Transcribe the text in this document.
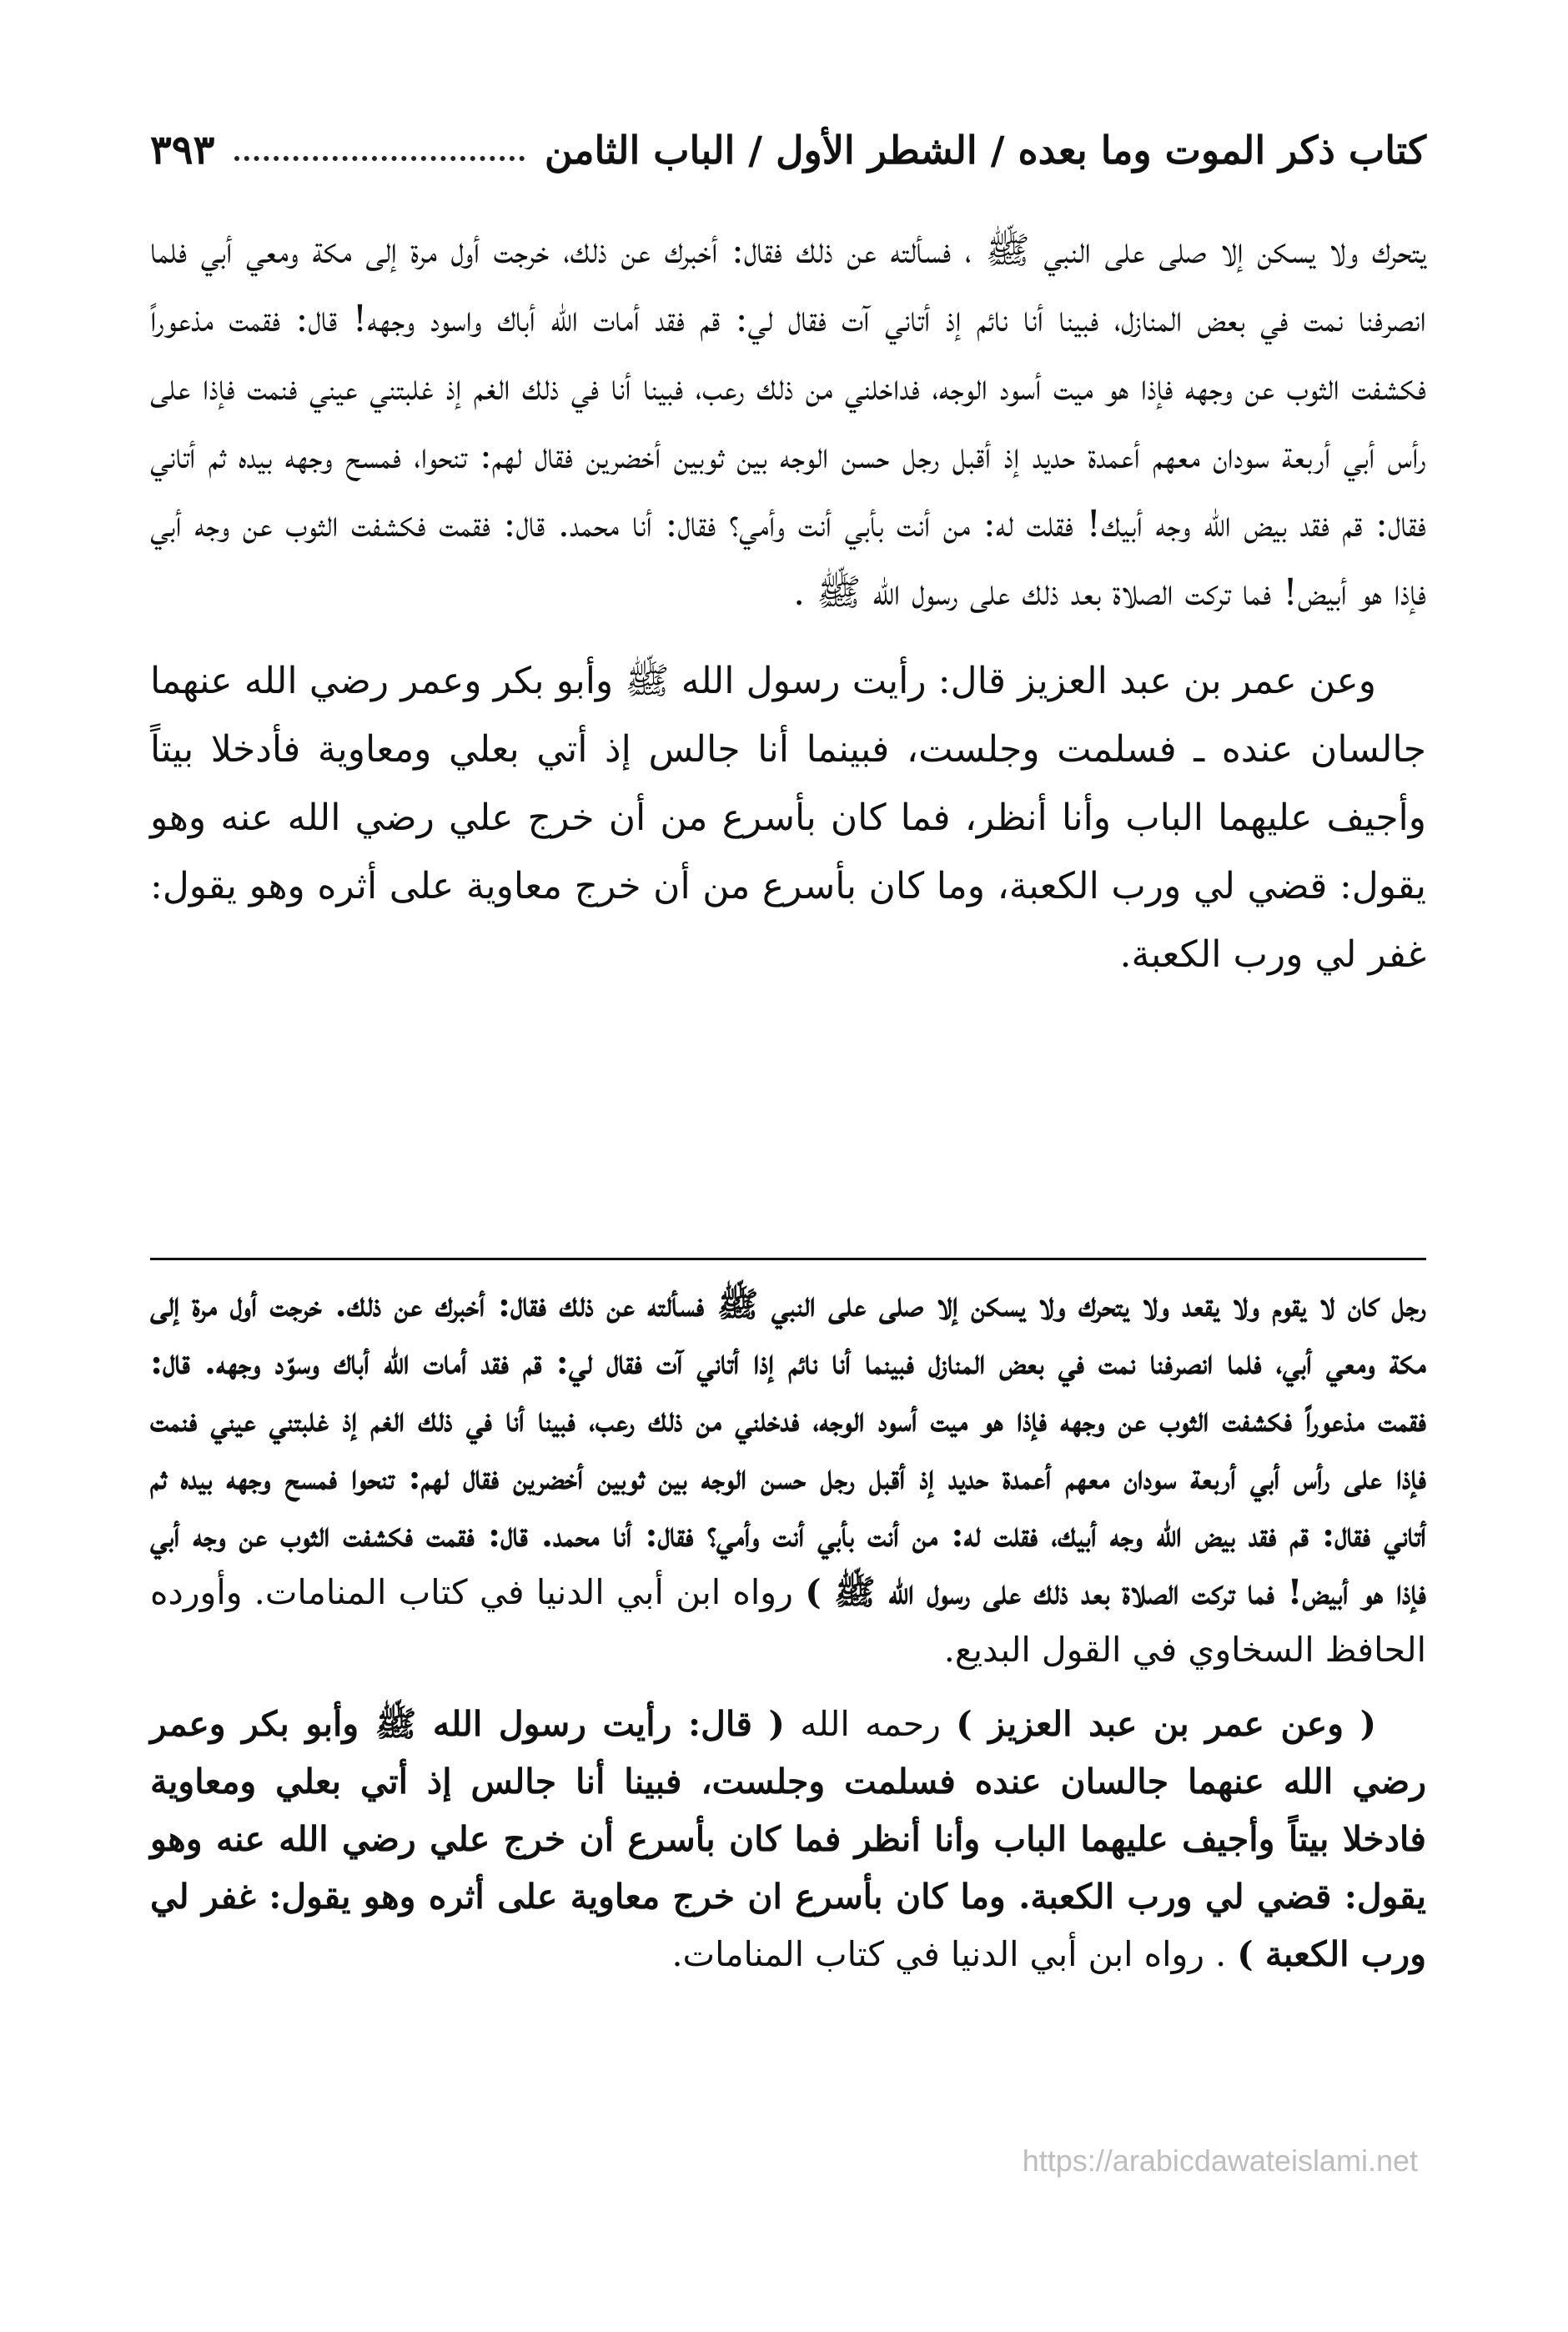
كتاب ذكر الموت وما بعده / الشطر الأول / الباب الثامن
٣٩٣

يتحرك ولا يسكن إلا صلى على النبي ﷺ ، فسألته عن ذلك فقال: أخبرك عن ذلك، خرجت أول مرة إلى مكة ومعي أبي فلما انصرفنا نمت في بعض المنازل، فبينا أنا نائم إذ أتاني آت فقال لي: قم فقد أمات الله أباك واسود وجهه! قال: فقمت مذعوراً فكشفت الثوب عن وجهه فإذا هو ميت أسود الوجه، فداخلني من ذلك رعب، فبينا أنا في ذلك الغم إذ غلبتني عيني فنمت فإذا على رأس أبي أربعة سودان معهم أعمدة حديد إذ أقبل رجل حسن الوجه بين ثوبين أخضرين فقال لهم: تنحوا، فمسح وجهه بيده ثم أتاني فقال: قم فقد بيض الله وجه أبيك! فقلت له: من أنت بأبي أنت وأمي؟ فقال: أنا محمد. قال: فقمت فكشفت الثوب عن وجه أبي فإذا هو أبيض! فما تركت الصلاة بعد ذلك على رسول الله ﷺ .

وعن عمر بن عبد العزيز قال: رأيت رسول الله ﷺ وأبو بكر وعمر رضي الله عنهما جالسان عنده ـ فسلمت وجلست، فبينما أنا جالس إذ أتي بعلي ومعاوية فأدخلا بيتاً وأجيف عليهما الباب وأنا أنظر، فما كان بأسرع من أن خرج علي رضي الله عنه وهو يقول: قضي لي ورب الكعبة، وما كان بأسرع من أن خرج معاوية على أثره وهو يقول: غفر لي ورب الكعبة.

رجل كان لا يقوم ولا يقعد ولا يتحرك ولا يسكن إلا صلى على النبي ﷺ فسألته عن ذلك فقال: أخبرك عن ذلك. خرجت أول مرة إلى مكة ومعي أبي، فلما انصرفنا نمت في بعض المنازل فبينما أنا نائم إذا أتاني آت فقال لي: قم فقد أمات الله أباك وسوّد وجهه. قال: فقمت مذعوراً فكشفت الثوب عن وجهه فإذا هو ميت أسود الوجه، فدخلني من ذلك رعب، فبينا أنا في ذلك الغم إذ غلبتني عيني فنمت فإذا على رأس أبي أربعة سودان معهم أعمدة حديد إذ أقبل رجل حسن الوجه بين ثوبين أخضرين فقال لهم: تنحوا فمسح وجهه بيده ثم أتاني فقال: قم فقد بيض الله وجه أبيك، فقلت له: من أنت بأبي أنت وأمي؟ فقال: أنا محمد. قال: فقمت فكشفت الثوب عن وجه أبي فإذا هو أبيض! فما تركت الصلاة بعد ذلك على رسول الله ﷺ ) رواه ابن أبي الدنيا في كتاب المنامات. وأورده الحافظ السخاوي في القول البديع.

( وعن عمر بن عبد العزيز ) رحمه الله ( قال: رأيت رسول الله ﷺ وأبو بكر وعمر رضي الله عنهما جالسان عنده فسلمت وجلست، فبينا أنا جالس إذ أتي بعلي ومعاوية فادخلا بيتاً وأجيف عليهما الباب وأنا أنظر فما كان بأسرع أن خرج علي رضي الله عنه وهو يقول: قضي لي ورب الكعبة. وما كان بأسرع ان خرج معاوية على أثره وهو يقول: غفر لي ورب الكعبة ) . رواه ابن أبي الدنيا في كتاب المنامات.

https://arabicdawateislami.net
